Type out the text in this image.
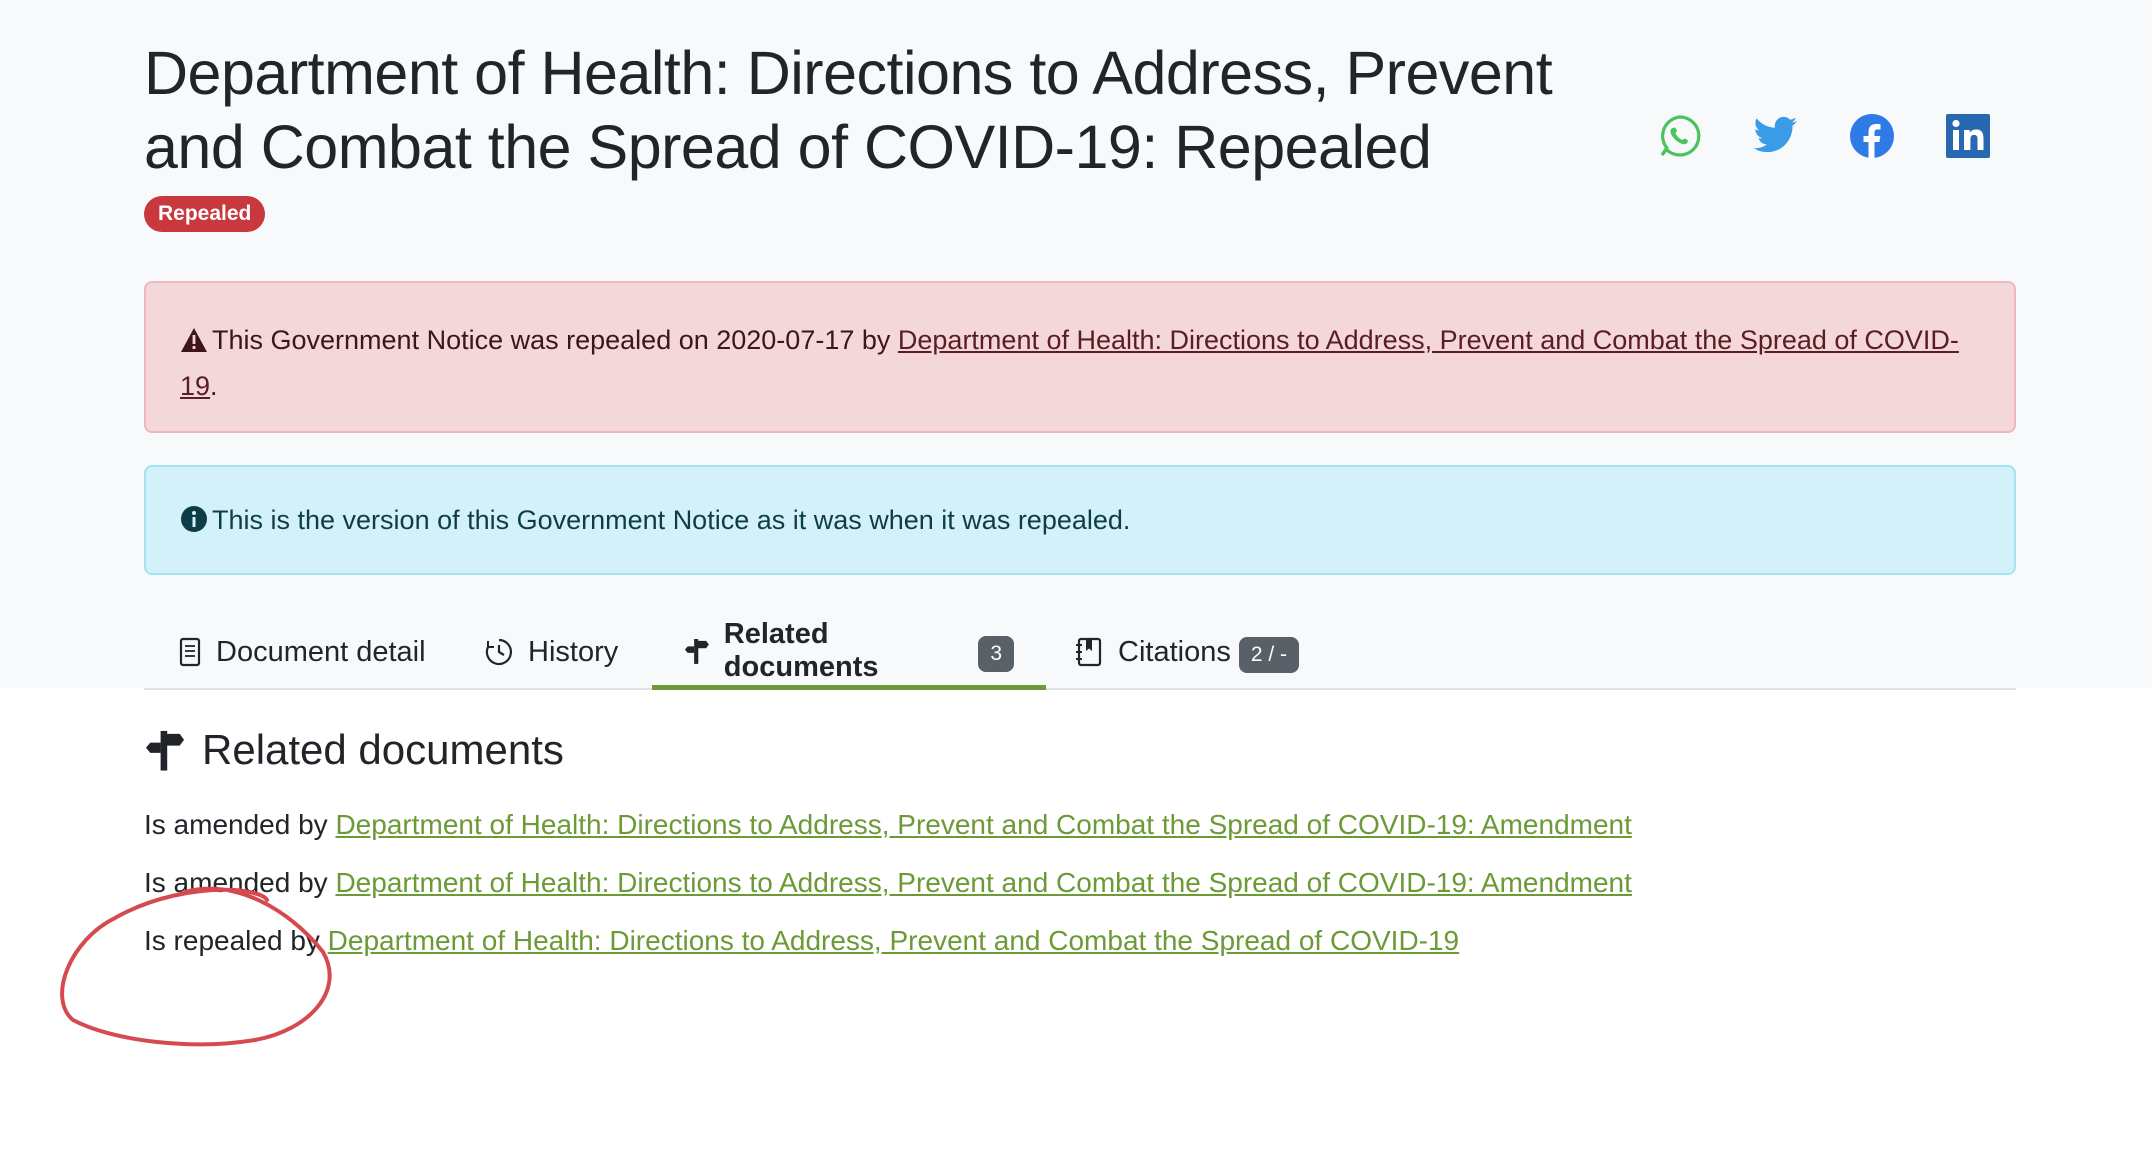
Department of Health: Directions to Address, Prevent and Combat the Spread of COVID-19: Repealed
Repealed
This Government Notice was repealed on 2020-07-17 by Department of Health: Directions to Address, Prevent and Combat the Spread of COVID-19.
This is the version of this Government Notice as it was when it was repealed.
Document detail	History
Related documents	3	Citations 2 / -
Related documents
Is amended by Department of Health: Directions to Address, Prevent and Combat the Spread of COVID-19: Amendment
Is amended by Department of Health: Directions to Address, Prevent and Combat the Spread of COVID-19: Amendment
Is repealed by Department of Health: Directions to Address, Prevent and Combat the Spread of COVID-19
